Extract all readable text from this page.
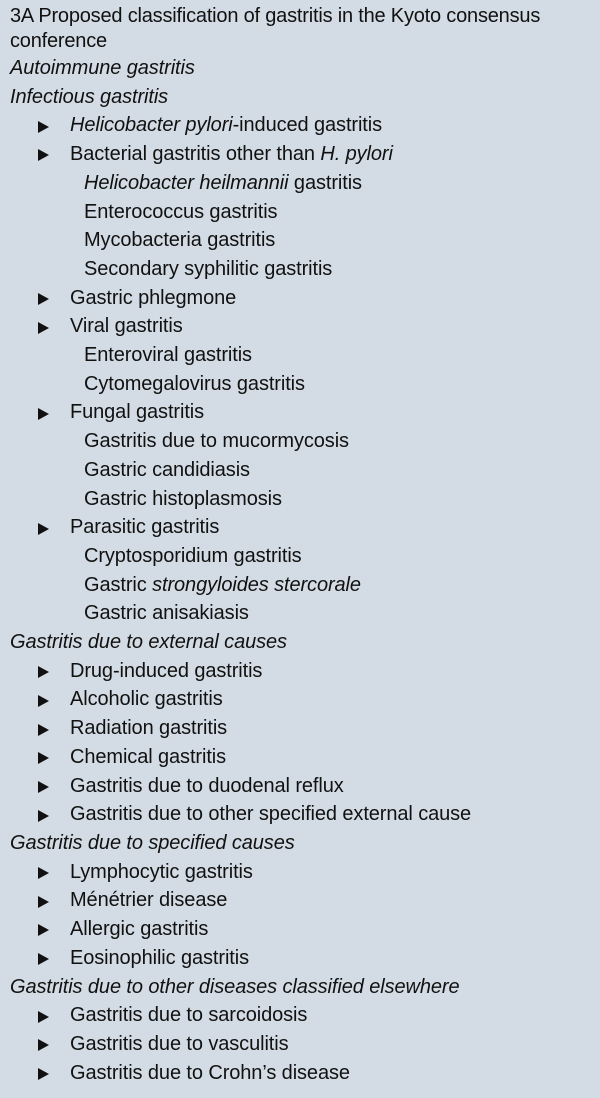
3A Proposed classification of gastritis in the Kyoto consensus
conference
Autoimmune gastritis
Infectious gastritis
Helicobacter pylori-induced gastritis
Bacterial gastritis other than H. pylori
Helicobacter heilmannii gastritis
Enterococcus gastritis
Mycobacteria gastritis
Secondary syphilitic gastritis
Gastric phlegmone
Viral gastritis
Enteroviral gastritis
Cytomegalovirus gastritis
Fungal gastritis
Gastritis due to mucormycosis
Gastric candidiasis
Gastric histoplasmosis
Parasitic gastritis
Cryptosporidium gastritis
Gastric strongyloides stercorale
Gastric anisakiasis
Gastritis due to external causes
Drug-induced gastritis
Alcoholic gastritis
Radiation gastritis
Chemical gastritis
Gastritis due to duodenal reflux
Gastritis due to other specified external cause
Gastritis due to specified causes
Lymphocytic gastritis
Ménétrier disease
Allergic gastritis
Eosinophilic gastritis
Gastritis due to other diseases classified elsewhere
Gastritis due to sarcoidosis
Gastritis due to vasculitis
Gastritis due to Crohn’s disease
